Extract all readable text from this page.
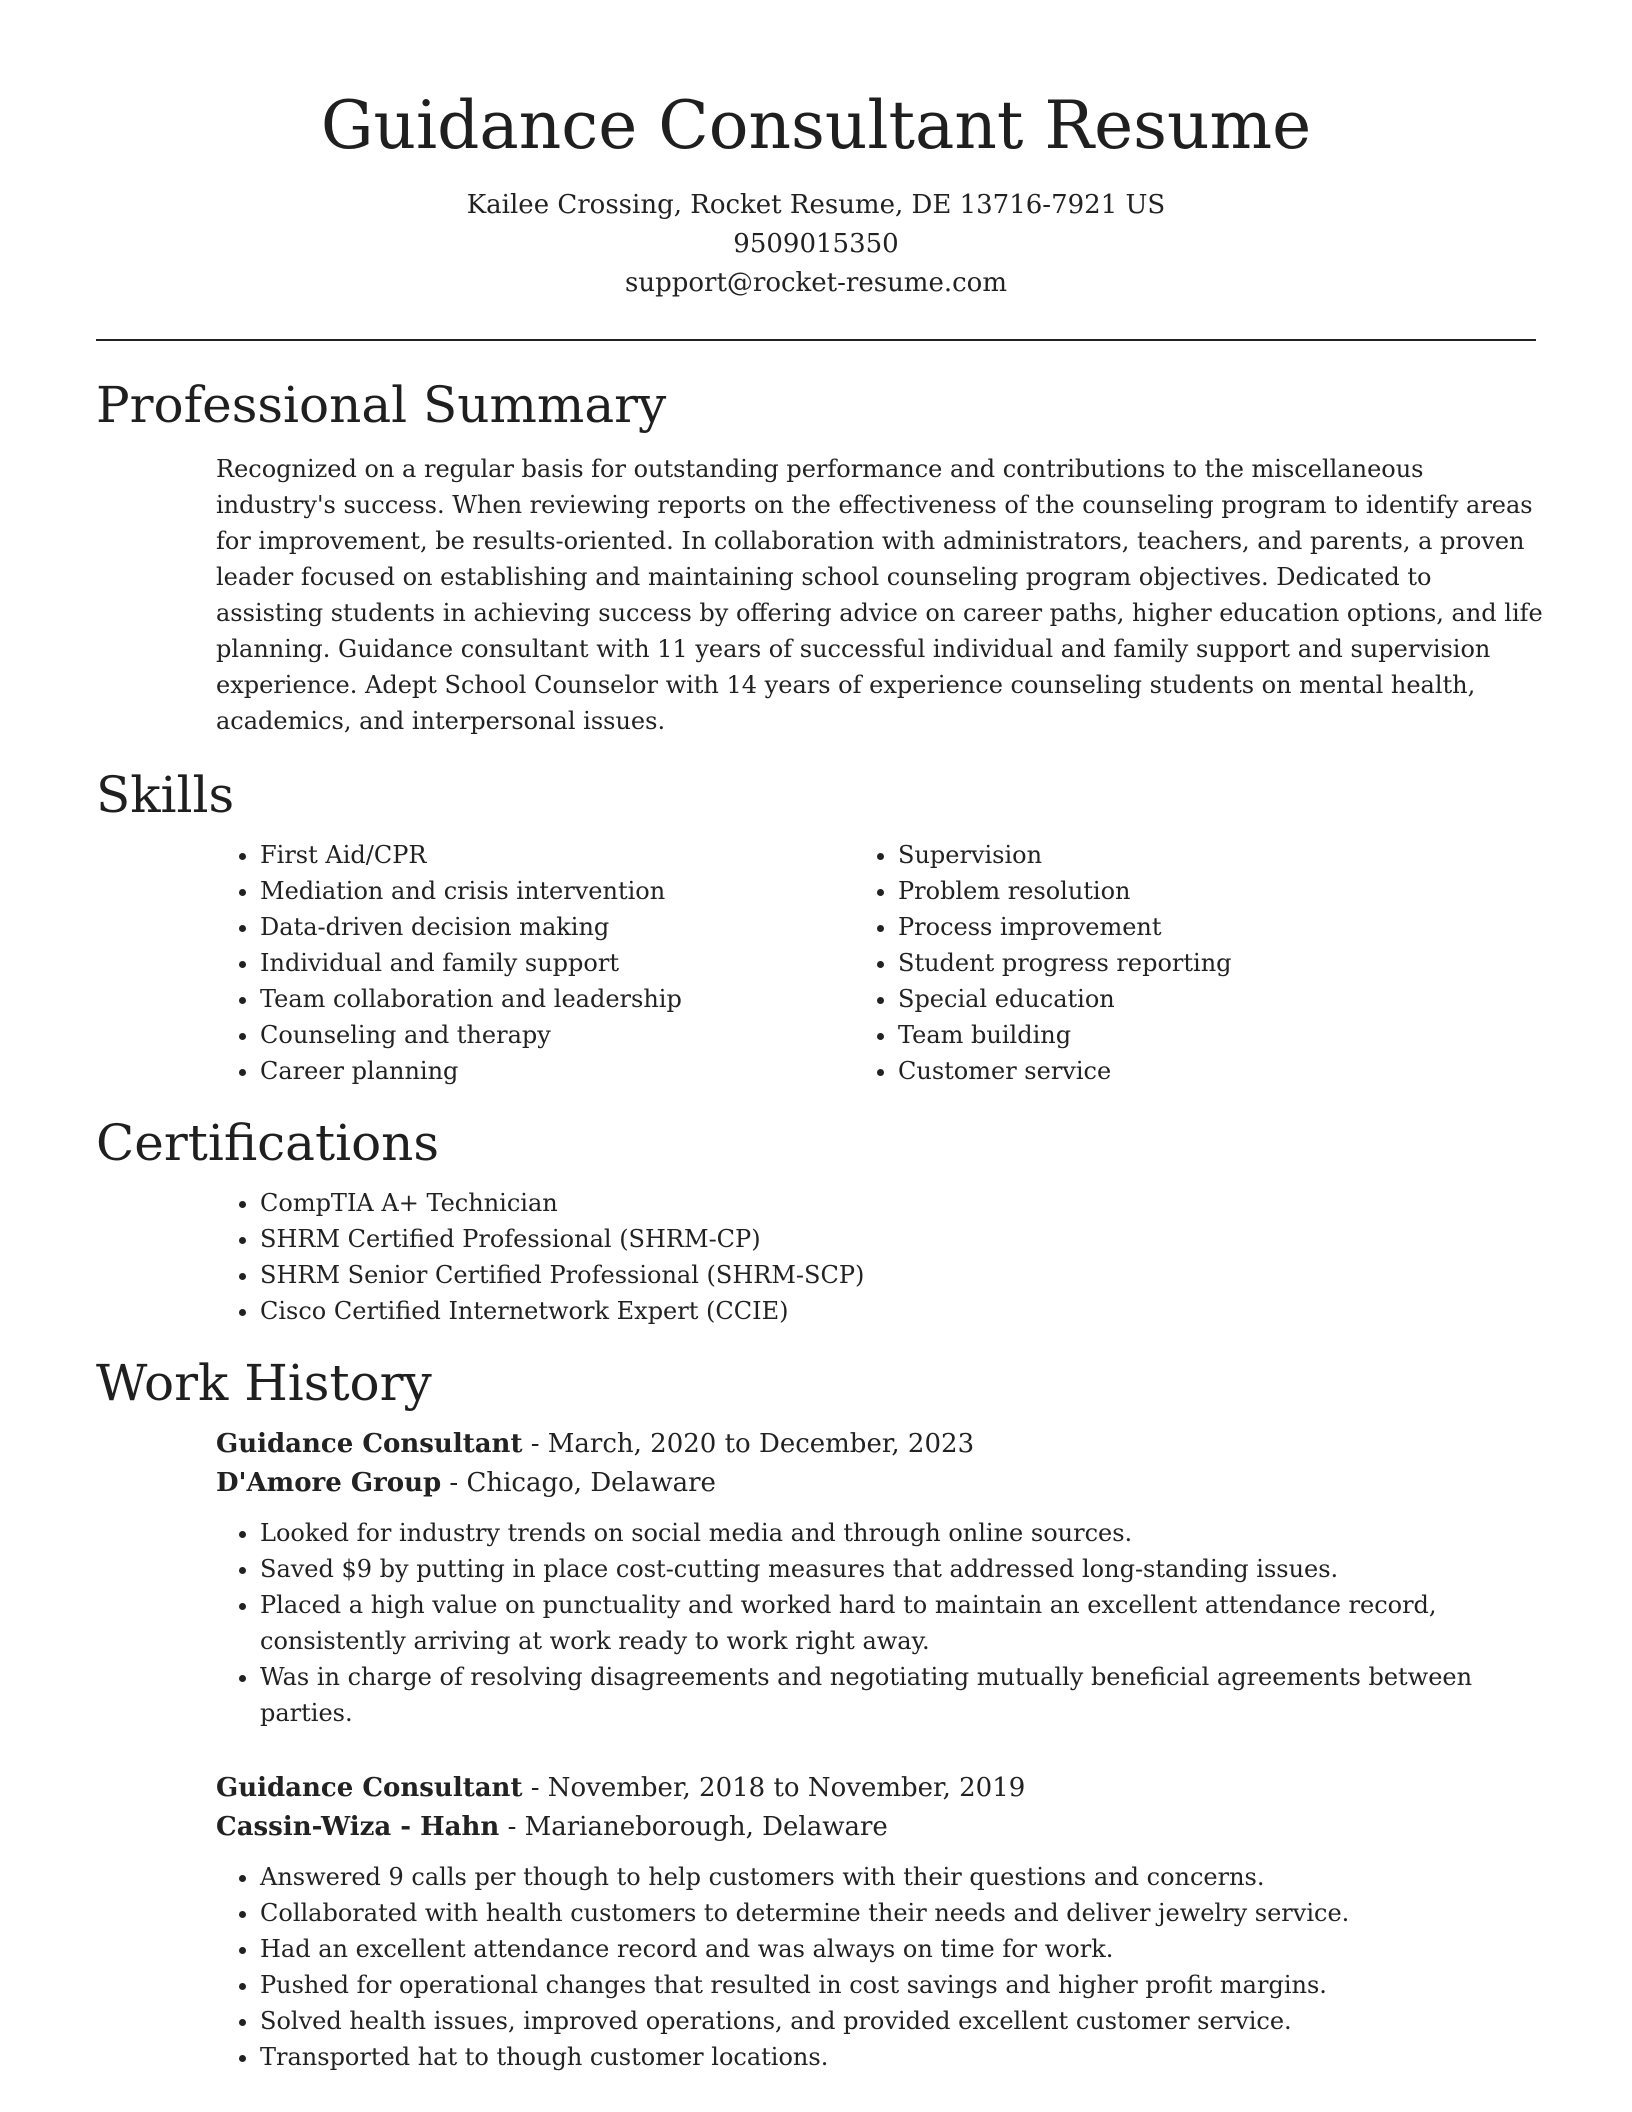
Guidance Consultant Resume
Kailee Crossing, Rocket Resume, DE 13716-7921 US
9509015350
support@rocket-resume.com
Professional Summary

Recognized on a regular basis for outstanding performance and contributions to the miscellaneous industry's success. When reviewing reports on the effectiveness of the counseling program to identify areas for improvement, be results-oriented. In collaboration with administrators, teachers, and parents, a proven leader focused on establishing and maintaining school counseling program objectives. Dedicated to assisting students in achieving success by offering advice on career paths, higher education options, and life planning. Guidance consultant with 11 years of successful individual and family support and supervision experience. Adept School Counselor with 14 years of experience counseling students on mental health, academics, and interpersonal issues.

Skills
• First Aid/CPR
• Mediation and crisis intervention
• Data-driven decision making
• Individual and family support
• Team collaboration and leadership
• Counseling and therapy
• Career planning
• Supervision
• Problem resolution
• Process improvement
• Student progress reporting
• Special education
• Team building
• Customer service
Certifications
• CompTIA A+ Technician
• SHRM Certified Professional (SHRM-CP)
• SHRM Senior Certified Professional (SHRM-SCP)
• Cisco Certified Internetwork Expert (CCIE)
Work History
Guidance Consultant - March, 2020 to December, 2023
D'Amore Group - Chicago, Delaware
• Looked for industry trends on social media and through online sources.
• Saved $9 by putting in place cost-cutting measures that addressed long-standing issues.
• Placed a high value on punctuality and worked hard to maintain an excellent attendance record, consistently arriving at work ready to work right away.
• Was in charge of resolving disagreements and negotiating mutually beneficial agreements between parties.
Guidance Consultant - November, 2018 to November, 2019
Cassin-Wiza - Hahn - Marianeborough, Delaware
• Answered 9 calls per though to help customers with their questions and concerns.
• Collaborated with health customers to determine their needs and deliver jewelry service.
• Had an excellent attendance record and was always on time for work.
• Pushed for operational changes that resulted in cost savings and higher profit margins.
• Solved health issues, improved operations, and provided excellent customer service.
• Transported hat to though customer locations.
